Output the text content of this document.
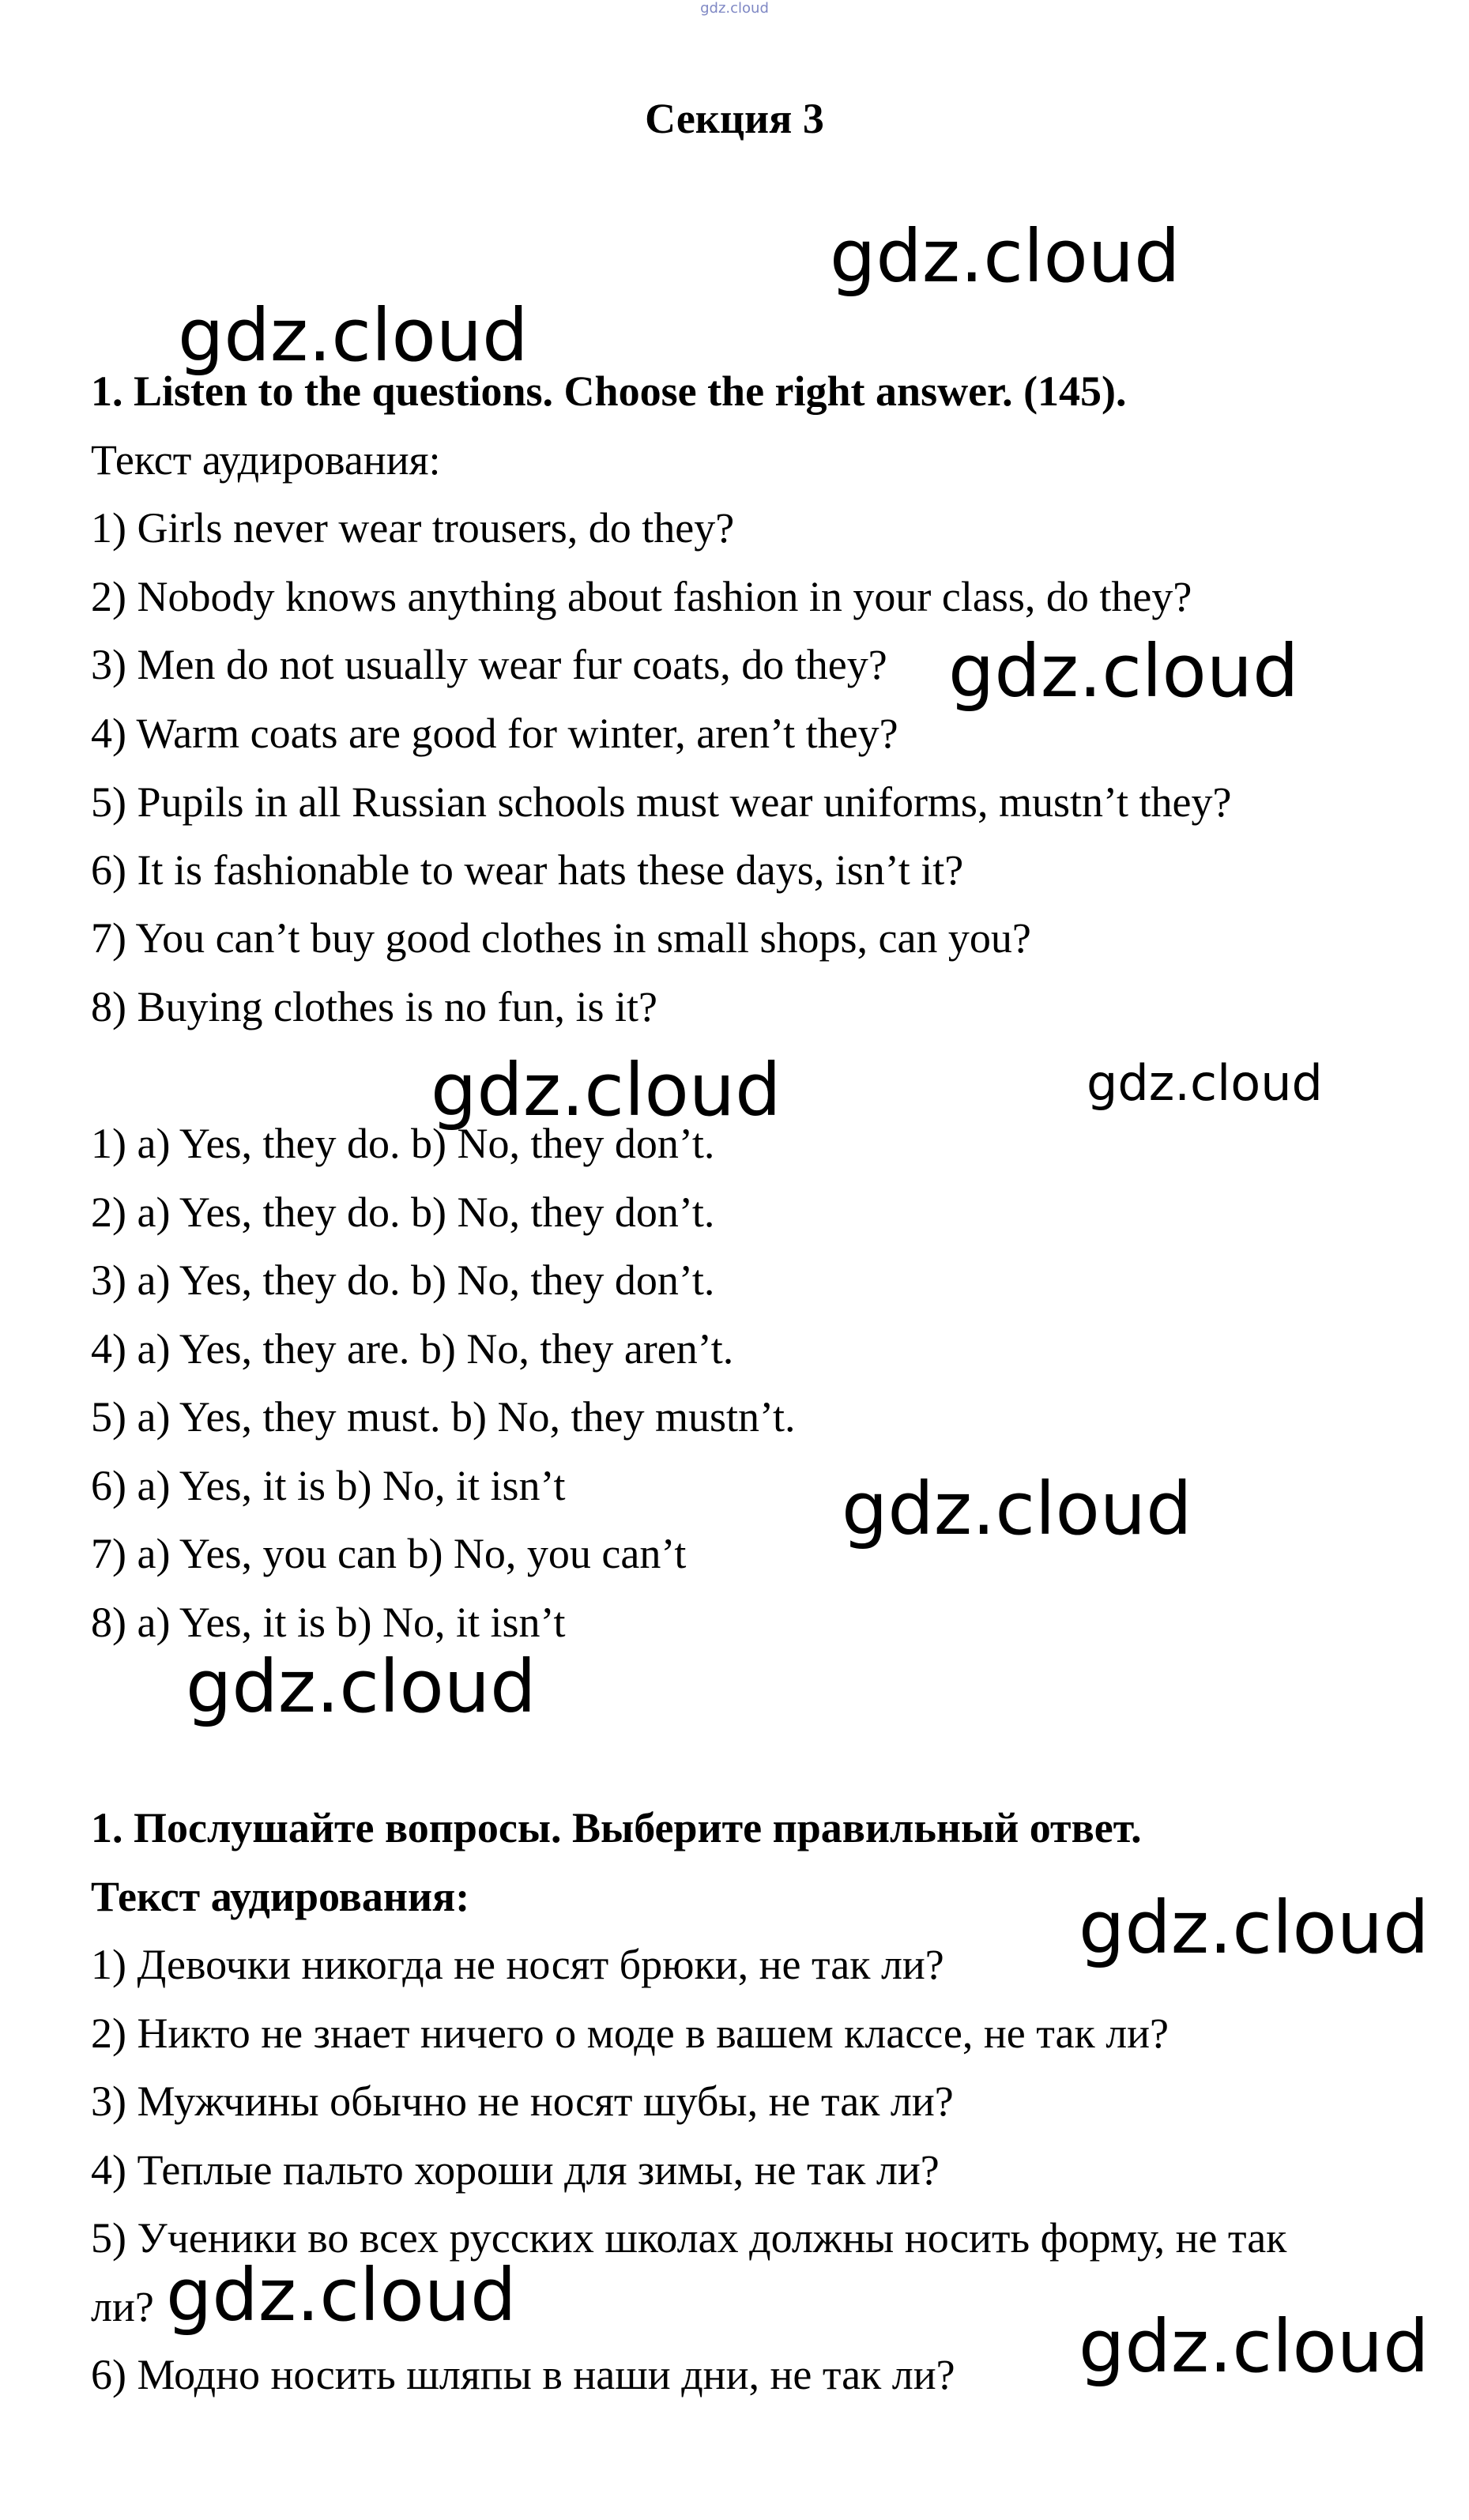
gdz.cloud
Секция 3
1. Listen to the questions. Choose the right answer. (145).
Текст аудирования:
1) Girls never wear trousers, do they?
2) Nobody knows anything about fashion in your class, do they?
3) Men do not usually wear fur coats, do they?
4) Warm coats are good for winter, aren’t they?
5) Pupils in all Russian schools must wear uniforms, mustn’t they?
6) It is fashionable to wear hats these days, isn’t it?
7) You can’t buy good clothes in small shops, can you?
8) Buying clothes is no fun, is it?
1) a) Yes, they do. b) No, they don’t.
2) a) Yes, they do. b) No, they don’t.
3) a) Yes, they do. b) No, they don’t.
4) a) Yes, they are. b) No, they aren’t.
5) a) Yes, they must. b) No, they mustn’t.
6) a) Yes, it is b) No, it isn’t
7) a) Yes, you can b) No, you can’t
8) a) Yes, it is b) No, it isn’t
1. Послушайте вопросы. Выберите правильный ответ.
Текст аудирования:
1) Девочки никогда не носят брюки, не так ли?
2) Никто не знает ничего о моде в вашем классе, не так ли?
3) Мужчины обычно не носят шубы, не так ли?
4) Теплые пальто хороши для зимы, не так ли?
5) Ученики во всех русских школах должны носить форму, не так
ли?
6) Модно носить шляпы в наши дни, не так ли?
gdz.cloud
gdz.cloud
gdz.cloud
gdz.cloud	gdz.cloud
gdz.cloud
gdz.cloud
gdz.cloud
gdz.cloud
gdz.cloud
